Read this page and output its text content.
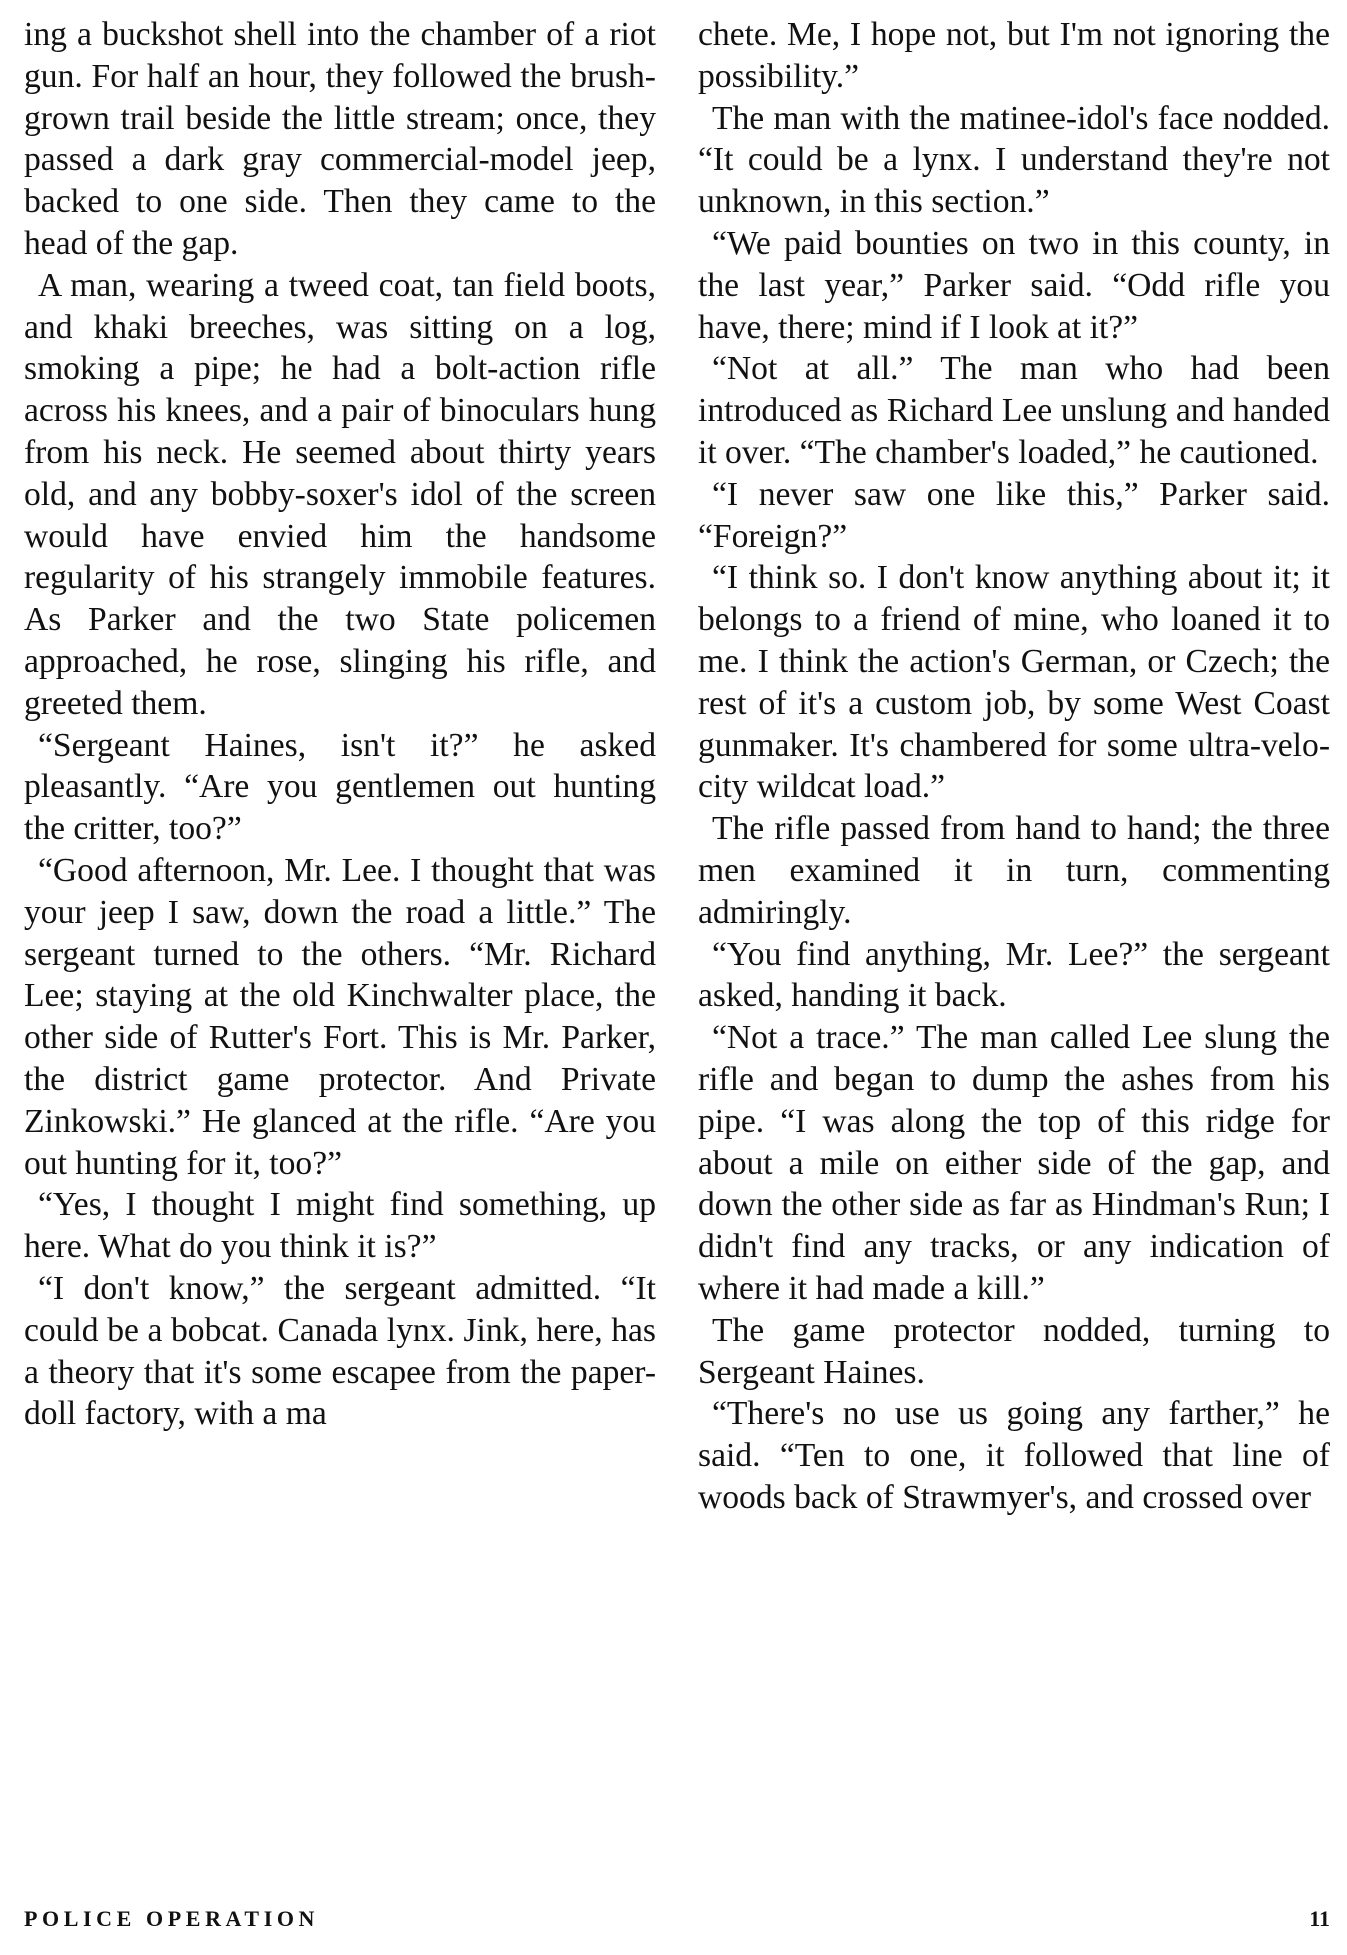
ing a buckshot shell into the chamber of a riot gun. For half an hour, they followed the brush-grown trail beside the little stream; once, they passed a dark gray commercial-model jeep, backed to one side. Then they came to the head of the gap.

A man, wearing a tweed coat, tan field boots, and khaki breeches, was sitting on a log, smoking a pipe; he had a bolt-action rifle across his knees, and a pair of binoculars hung from his neck. He seemed about thirty years old, and any bobby-soxer's idol of the screen would have envied him the handsome regularity of his strangely immobile features. As Parker and the two State policemen approached, he rose, slinging his rifle, and greeted them.

“Sergeant Haines, isn't it?” he asked pleasantly. “Are you gentlemen out hunting the critter, too?”

“Good afternoon, Mr. Lee. I thought that was your jeep I saw, down the road a little.” The sergeant turned to the others. “Mr. Richard Lee; staying at the old Kinchwalter place, the other side of Rutter's Fort. This is Mr. Parker, the district game protector. And Private Zinkowski.” He glanced at the rifle. “Are you out hunting for it, too?”

“Yes, I thought I might find something, up here. What do you think it is?”

“I don't know,” the sergeant admitted. “It could be a bobcat. Canada lynx. Jink, here, has a theory that it's some escapee from the paper-doll factory, with a ma

chete. Me, I hope not, but I'm not ignoring the possibility.”

The man with the matinee-idol's face nodded. “It could be a lynx. I understand they're not unknown, in this section.”

“We paid bounties on two in this county, in the last year,” Parker said. “Odd rifle you have, there; mind if I look at it?”

“Not at all.” The man who had been introduced as Richard Lee unslung and handed it over. “The chamber's loaded,” he cautioned.

“I never saw one like this,” Parker said. “Foreign?”

“I think so. I don't know anything about it; it belongs to a friend of mine, who loaned it to me. I think the action's German, or Czech; the rest of it's a custom job, by some West Coast gunmaker. It's chambered for some ultra-velocity wildcat load.”

The rifle passed from hand to hand; the three men examined it in turn, commenting admiringly.

“You find anything, Mr. Lee?” the sergeant asked, handing it back.

“Not a trace.” The man called Lee slung the rifle and began to dump the ashes from his pipe. “I was along the top of this ridge for about a mile on either side of the gap, and down the other side as far as Hindman's Run; I didn't find any tracks, or any indication of where it had made a kill.”

The game protector nodded, turning to Sergeant Haines.

“There's no use us going any farther,” he said. “Ten to one, it followed that line of woods back of Strawmyer's, and crossed over

POLICE OPERATION	11
